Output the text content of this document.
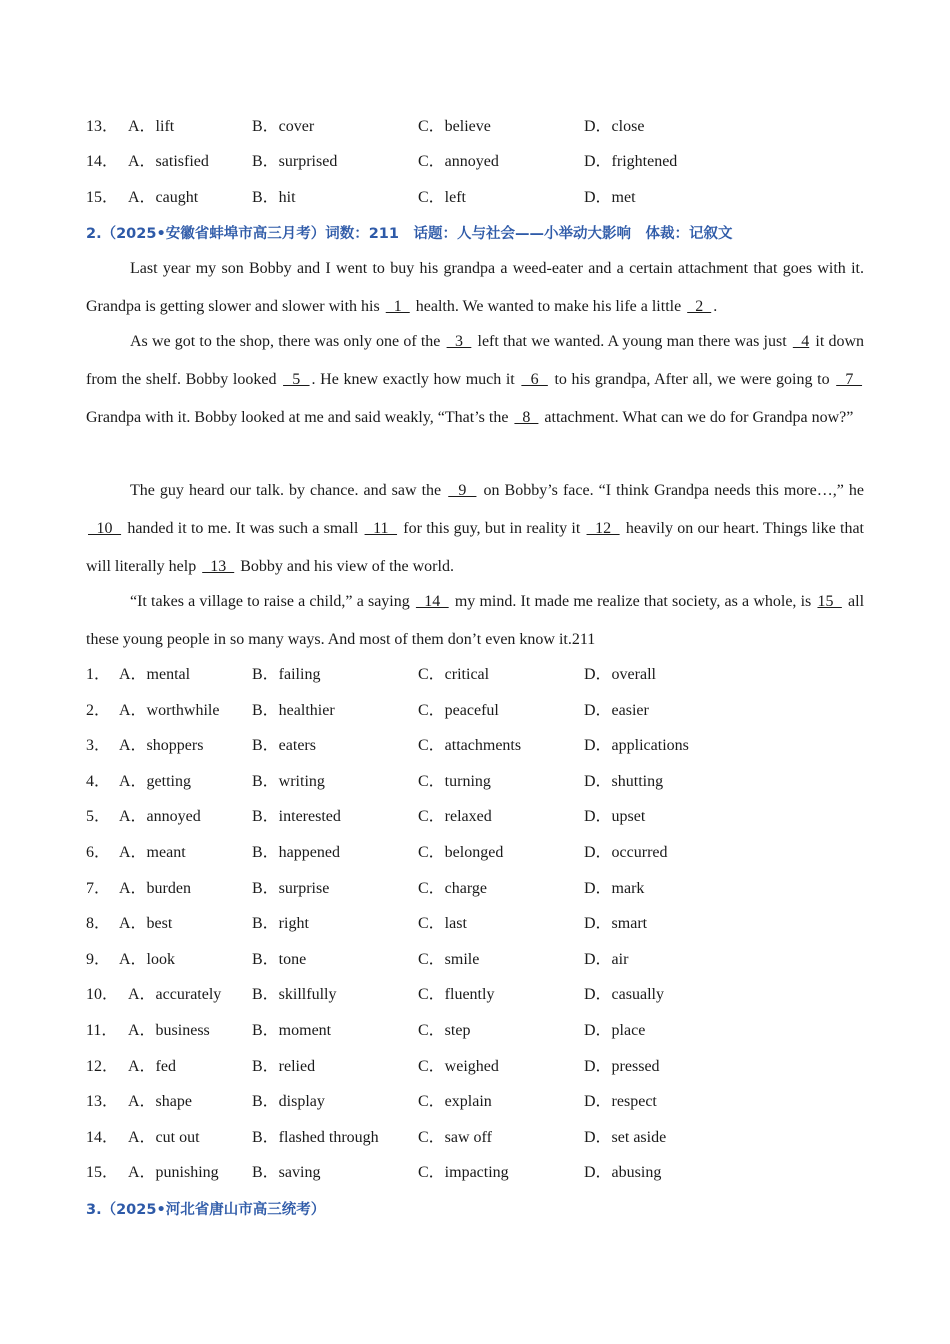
13． A．lift	B．cover	C．believe	D．close
14． A．satisfied	B．surprised	C．annoyed	D．frightened
15． A．caught	B．hit	C．left	D．met
2.（2025•安徽省蚌埠市高三月考）词数：211　话题：人与社会——小举动大影响　体裁：记叙文
Last year my son Bobby and I went to buy his grandpa a weed-eater and a certain attachment that goes with it. Grandpa is getting slower and slower with his   1   health. We wanted to make his life a little   2  .
As we got to the shop, there was only one of the   3   left that we wanted. A young man there was just   4 it down from the shelf. Bobby looked   5  . He knew exactly how much it   6   to his grandpa, After all, we were going to   7   Grandpa with it. Bobby looked at me and said weakly, “That’s the   8   attachment. What can we do for Grandpa now?”
The guy heard our talk. by chance. and saw the   9   on Bobby’s face. “I think Grandpa needs this more…,” he   10   handed it to me. It was such a small   11   for this guy, but in reality it   12   heavily on our heart. Things like that will literally help   13   Bobby and his view of the world.
“It takes a village to raise a child,” a saying   14   my mind. It made me realize that society, as a whole, is 15   all these young people in so many ways. And most of them don’t even know it.211
1． A．mental	B．failing	C．critical	D．overall
2． A．worthwhile B．healthier	C．peaceful	D．easier
3． A．shoppers	B．eaters	C．attachments	D．applications
4． A．getting	B．writing	C．turning	D．shutting
5． A．annoyed	B．interested	C．relaxed	D．upset
6． A．meant	B．happened	C．belonged	D．occurred
7． A．burden	B．surprise	C．charge	D．mark
8． A．best	B．right	C．last	D．smart
9． A．look	B．tone	C．smile	D．air
10． A．accurately B．skillfully	C．fluently	D．casually
11． A．business	B．moment	C．step	D．place
12． A．fed	B．relied	C．weighed	D．pressed
13． A．shape	B．display	C．explain	D．respect
14． A．cut out	B．flashed through C．saw off	D．set aside
15． A．punishing B．saving	C．impacting	D．abusing
3.（2025•河北省唐山市高三统考）
